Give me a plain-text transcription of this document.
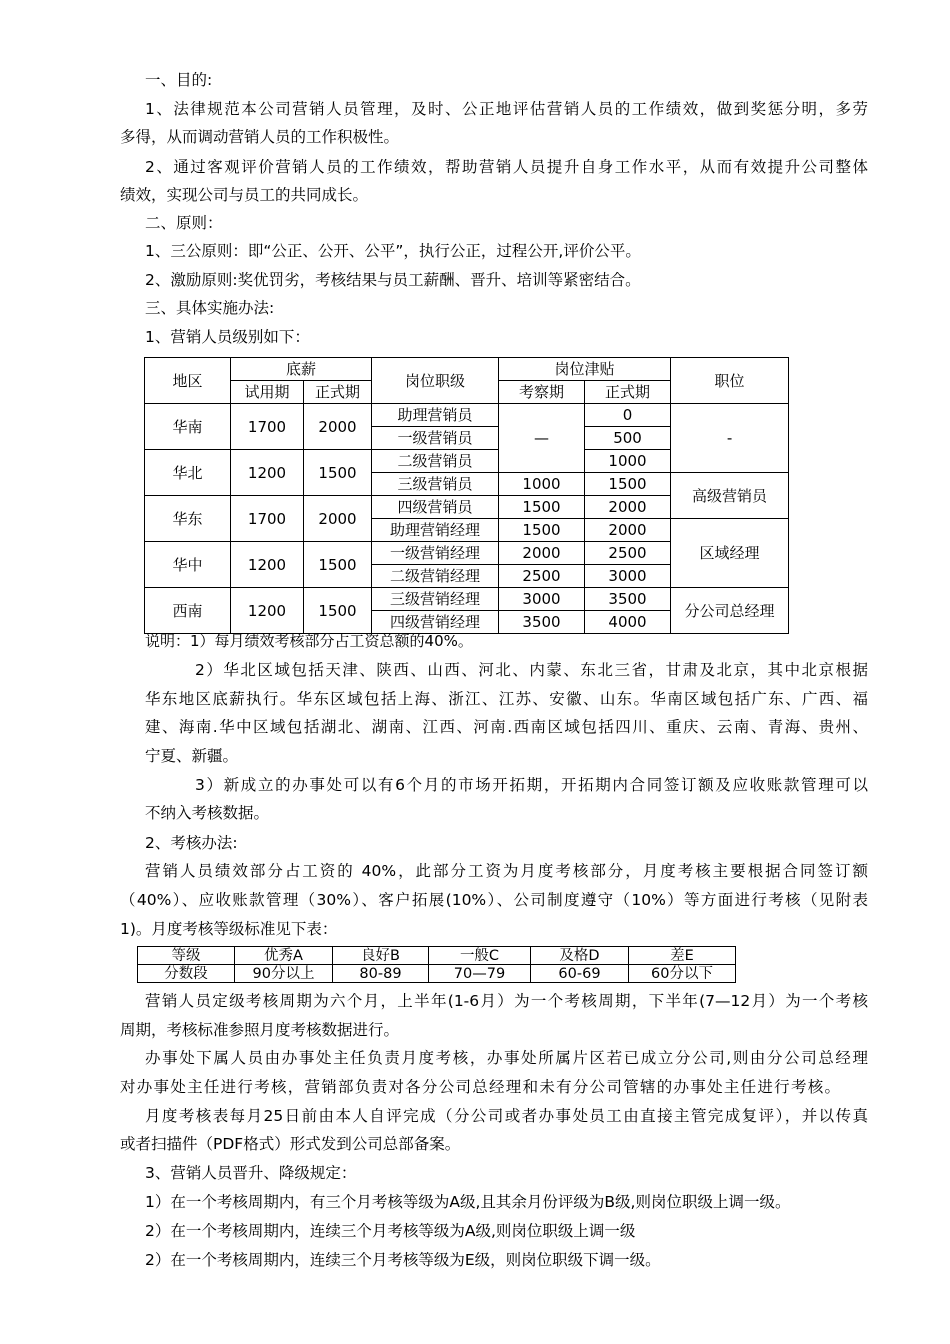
一、目的:
1、法律规范本公司营销人员管理，及时、公正地评估营销人员的工作绩效，做到奖惩分明，多劳
多得，从而调动营销人员的工作积极性。
2、通过客观评价营销人员的工作绩效，帮助营销人员提升自身工作水平，从而有效提升公司整体
绩效，实现公司与员工的共同成长。
二、原则：
1、三公原则：即“公正、公开、公平”，执行公正，过程公开,评价公平。
2、激励原则:奖优罚劣，考核结果与员工薪酬、晋升、培训等紧密结合。
三、具体实施办法:
1、营销人员级别如下：
地区	底薪		岗位职级	岗位津贴		职位
	试用期	正式期		考察期	正式期	
华南	1700	2000	助理营销员	—	0	-
			一级营销员		500	
华北	1200	1500	二级营销员		1000	
			三级营销员	1000	1500	高级营销员
华东	1700	2000	四级营销员	1500	2000	
			助理营销经理	1500	2000	区域经理
华中	1200	1500	一级营销经理	2000	2500	
			二级营销经理	2500	3000	
西南	1200	1500	三级营销经理	3000	3500	分公司总经理
			四级营销经理	3500	4000	
说明：1）每月绩效考核部分占工资总额的40%。
2）华北区域包括天津、陕西、山西、河北、内蒙、东北三省，甘肃及北京，其中北京根据
华东地区底薪执行。华东区域包括上海、浙江、江苏、安徽、山东。华南区域包括广东、广西、福
建、海南.华中区域包括湖北、湖南、江西、河南.西南区域包括四川、重庆、云南、青海、贵州、
宁夏、新疆。
3）新成立的办事处可以有6个月的市场开拓期，开拓期内合同签订额及应收账款管理可以
不纳入考核数据。
2、考核办法:
营销人员绩效部分占工资的 40%，此部分工资为月度考核部分，月度考核主要根据合同签订额
（40%）、应收账款管理（30%）、客户拓展(10%）、公司制度遵守（10%）等方面进行考核（见附表
1)。月度考核等级标准见下表：
等级	优秀A	良好B	一般C	及格D	差E
分数段	90分以上	80-89	70—79	60-69	60分以下
营销人员定级考核周期为六个月，上半年(1-6月）为一个考核周期，下半年(7—12月）为一个考核
周期，考核标准参照月度考核数据进行。
办事处下属人员由办事处主任负责月度考核，办事处所属片区若已成立分公司,则由分公司总经理
对办事处主任进行考核，营销部负责对各分公司总经理和未有分公司管辖的办事处主任进行考核。
月度考核表每月25日前由本人自评完成（分公司或者办事处员工由直接主管完成复评），并以传真
或者扫描件（PDF格式）形式发到公司总部备案。
3、营销人员晋升、降级规定：
1）在一个考核周期内，有三个月考核等级为A级,且其余月份评级为B级,则岗位职级上调一级。
2）在一个考核周期内，连续三个月考核等级为A级,则岗位职级上调一级
2）在一个考核周期内，连续三个月考核等级为E级，则岗位职级下调一级。
